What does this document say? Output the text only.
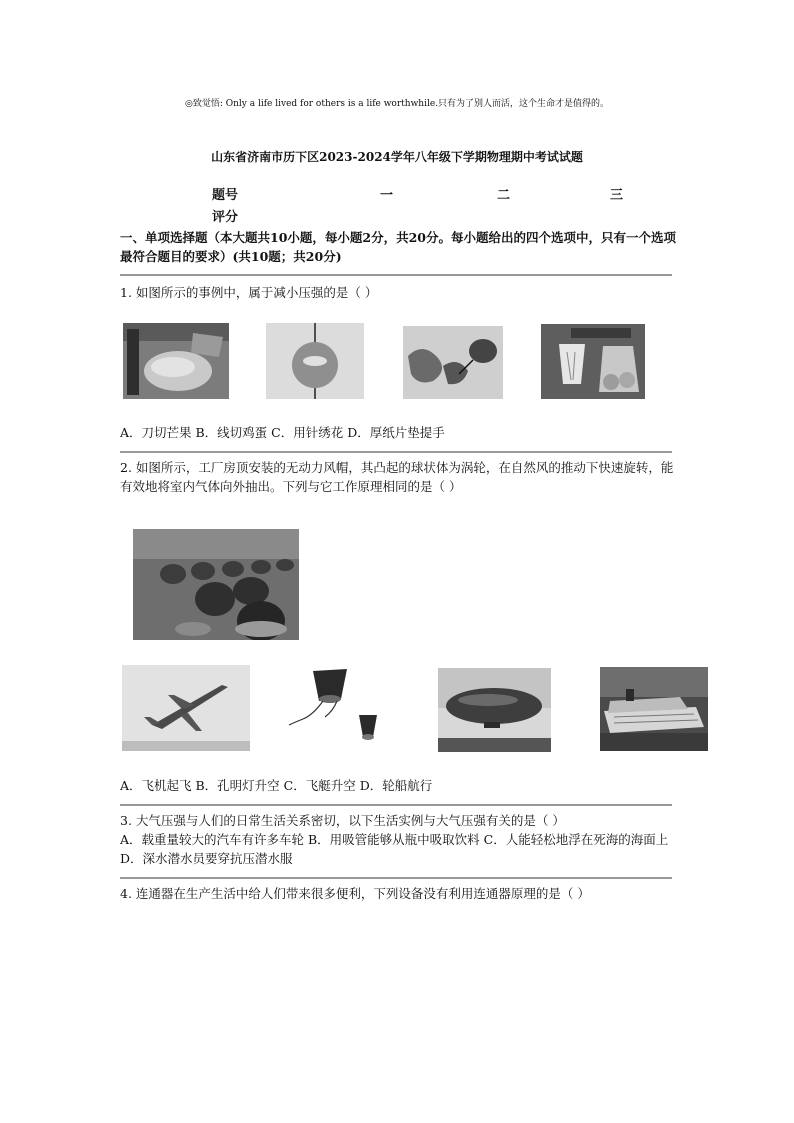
◎致觉悟: Only a life lived for others is a life worthwhile.只有为了别人而活，这个生命才是值得的。
山东省济南市历下区2023-2024学年八年级下学期物理期中考试试题
题号	一	二	三
评分
一、单项选择题（本大题共10小题，每小题2分，共20分。每小题给出的四个选项中，只有一个选项最符合题目的要求）(共10题；共20分)
1. 如图所示的事例中，属于减小压强的是（ ）
A．刀切芒果 B．线切鸡蛋 C．用针绣花 D．厚纸片垫提手
2. 如图所示，工厂房顶安装的无动力风帽，其凸起的球状体为涡轮，在自然风的推动下快速旋转，能有效地将室内气体向外抽出。下列与它工作原理相同的是（ ）
A．飞机起飞 B．孔明灯升空 C．飞艇升空 D．轮船航行
3. 大气压强与人们的日常生活关系密切，以下生活实例与大气压强有关的是（ ）
A．载重量较大的汽车有许多车轮 B．用吸管能够从瓶中吸取饮料 C．人能轻松地浮在死海的海面上 D．深水潜水员要穿抗压潜水服
4. 连通器在生产生活中给人们带来很多便利，下列设备没有利用连通器原理的是（ ）
